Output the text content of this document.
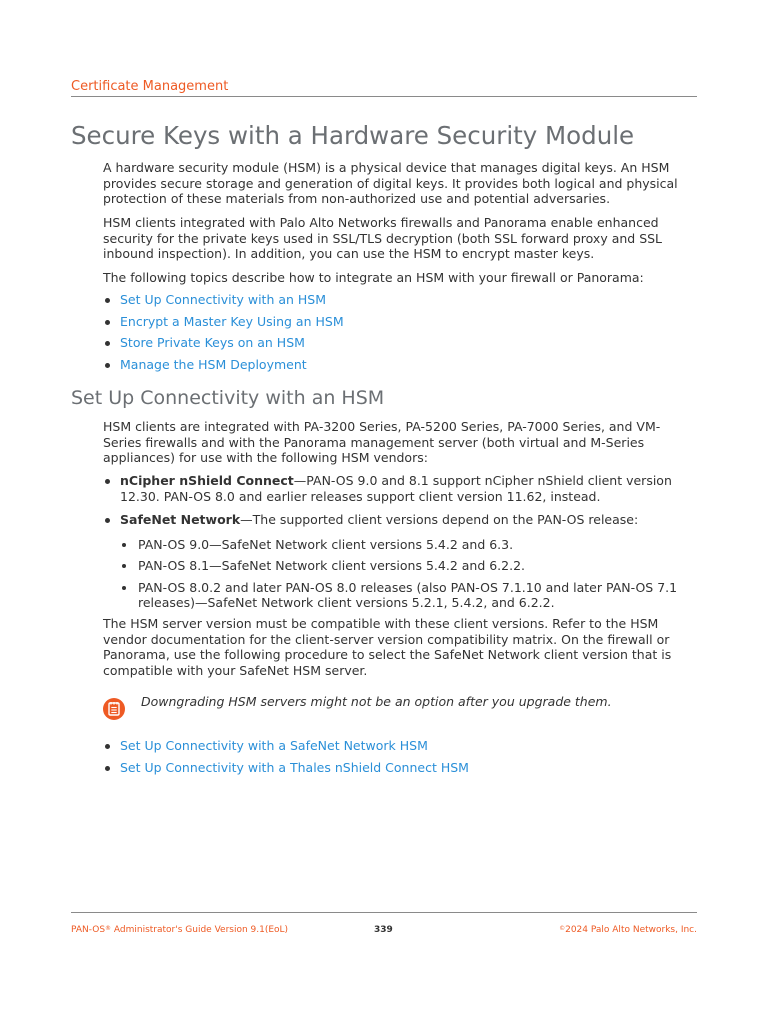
Certificate Management
Secure Keys with a Hardware Security Module

A hardware security module (HSM) is a physical device that manages digital keys. An HSM provides secure storage and generation of digital keys. It provides both logical and physical protection of these materials from non-authorized use and potential adversaries.

HSM clients integrated with Palo Alto Networks firewalls and Panorama enable enhanced security for the private keys used in SSL/TLS decryption (both SSL forward proxy and SSL inbound inspection). In addition, you can use the HSM to encrypt master keys.

The following topics describe how to integrate an HSM with your firewall or Panorama:

Set Up Connectivity with an HSM
Encrypt a Master Key Using an HSM
Store Private Keys on an HSM
Manage the HSM Deployment
Set Up Connectivity with an HSM

HSM clients are integrated with PA-3200 Series, PA-5200 Series, PA-7000 Series, and VM-Series firewalls and with the Panorama management server (both virtual and M-Series appliances) for use with the following HSM vendors:

nCipher nShield Connect—PAN-OS 9.0 and 8.1 support nCipher nShield client version 12.30. PAN-OS 8.0 and earlier releases support client version 11.62, instead.
SafeNet Network—The supported client versions depend on the PAN-OS release:
PAN-OS 9.0—SafeNet Network client versions 5.4.2 and 6.3.
PAN-OS 8.1—SafeNet Network client versions 5.4.2 and 6.2.2.
PAN-OS 8.0.2 and later PAN-OS 8.0 releases (also PAN-OS 7.1.10 and later PAN-OS 7.1 releases)—SafeNet Network client versions 5.2.1, 5.4.2, and 6.2.2.

The HSM server version must be compatible with these client versions. Refer to the HSM vendor documentation for the client-server version compatibility matrix. On the firewall or Panorama, use the following procedure to select the SafeNet Network client version that is compatible with your SafeNet HSM server.

Downgrading HSM servers might not be an option after you upgrade them.
Set Up Connectivity with a SafeNet Network HSM
Set Up Connectivity with a Thales nShield Connect HSM
PAN-OS® Administrator's Guide Version 9.1(EoL)	339	©2024 Palo Alto Networks, Inc.
